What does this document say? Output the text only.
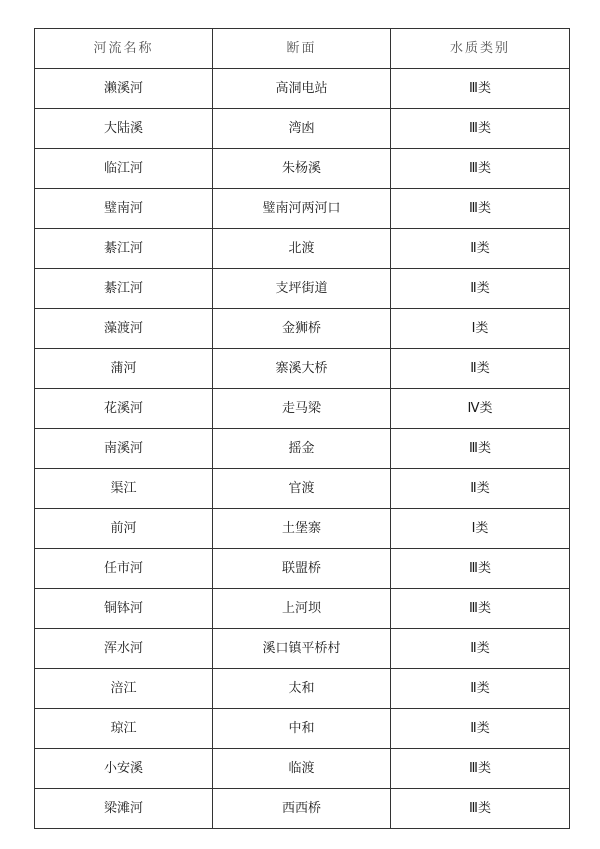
河流名称	断面	水质类别
濑溪河	高洞电站	Ⅲ类
大陆溪	湾凼	Ⅲ类
临江河	朱杨溪	Ⅲ类
璧南河	璧南河两河口	Ⅲ类
綦江河	北渡	Ⅱ类
綦江河	支坪街道	Ⅱ类
藻渡河	金狮桥	Ⅰ类
蒲河	寨溪大桥	Ⅱ类
花溪河	走马梁	Ⅳ类
南溪河	摇金	Ⅲ类
渠江	官渡	Ⅱ类
前河	土堡寨	Ⅰ类
任市河	联盟桥	Ⅲ类
铜钵河	上河坝	Ⅲ类
浑水河	溪口镇平桥村	Ⅱ类
涪江	太和	Ⅱ类
琼江	中和	Ⅱ类
小安溪	临渡	Ⅲ类
梁滩河	西西桥	Ⅲ类
